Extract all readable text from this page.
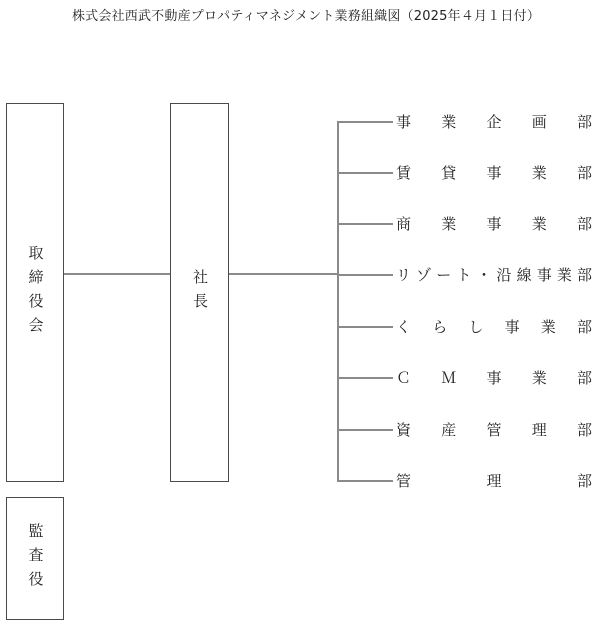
株式会社西武不動産プロパティマネジメント業務組織図（2025年４月１日付）
取締役会	社長
監査役
事 業 企 画 部
賃 貸 事 業 部
商 業 事 業 部
リ ゾ ー ト ・ 沿 線 事 業 部
く ら し 事 業 部
Ｃ Ｍ 事 業 部
資 産 管 理 部
管	理	部
